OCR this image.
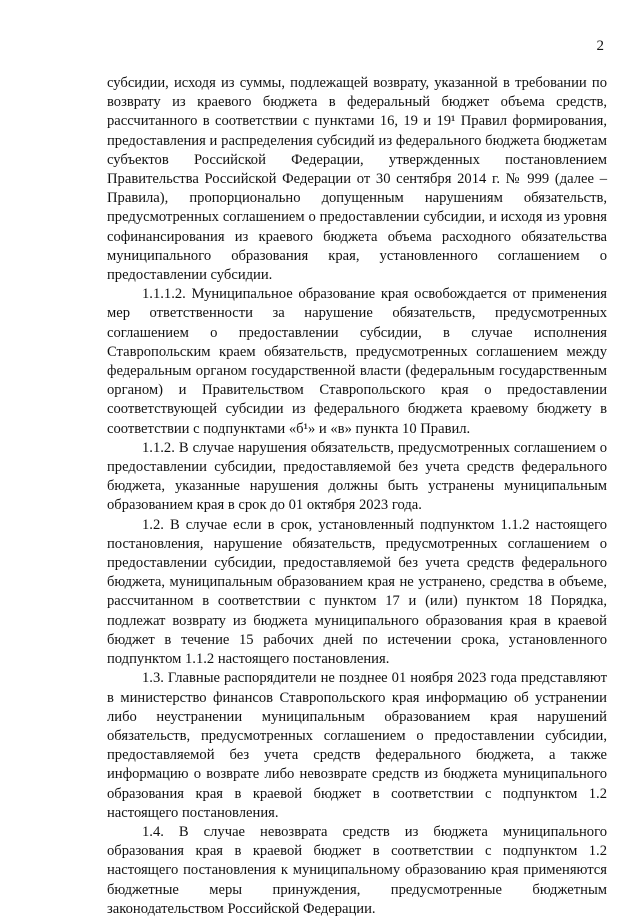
2

субсидии, исходя из суммы, подлежащей возврату, указанной в требовании по возврату из краевого бюджета в федеральный бюджет объема средств, рассчитанного в соответствии с пунктами 16, 19 и 19¹ Правил формирования, предоставления и распределения субсидий из федерального бюджета бюджетам субъектов Российской Федерации, утвержденных постановлением Правительства Российской Федерации от 30 сентября 2014 г. № 999 (далее – Правила), пропорционально допущенным нарушениям обязательств, предусмотренных соглашением о предоставлении субсидии, и исходя из уровня софинансирования из краевого бюджета объема расходного обязательства муниципального образования края, установленного соглашением о предоставлении субсидии.

1.1.1.2. Муниципальное образование края освобождается от применения мер ответственности за нарушение обязательств, предусмотренных соглашением о предоставлении субсидии, в случае исполнения Ставропольским краем обязательств, предусмотренных соглашением между федеральным органом государственной власти (федеральным государственным органом) и Правительством Ставропольского края о предоставлении соответствующей субсидии из федерального бюджета краевому бюджету в соответствии с подпунктами «б¹» и «в» пункта 10 Правил.

1.1.2. В случае нарушения обязательств, предусмотренных соглашением о предоставлении субсидии, предоставляемой без учета средств федерального бюджета, указанные нарушения должны быть устранены муниципальным образованием края в срок до 01 октября 2023 года.

1.2. В случае если в срок, установленный подпунктом 1.1.2 настоящего постановления, нарушение обязательств, предусмотренных соглашением о предоставлении субсидии, предоставляемой без учета средств федерального бюджета, муниципальным образованием края не устранено, средства в объеме, рассчитанном в соответствии с пунктом 17 и (или) пунктом 18 Порядка, подлежат возврату из бюджета муниципального образования края в краевой бюджет в течение 15 рабочих дней по истечении срока, установленного подпунктом 1.1.2 настоящего постановления.

1.3. Главные распорядители не позднее 01 ноября 2023 года представляют в министерство финансов Ставропольского края информацию об устранении либо неустранении муниципальным образованием края нарушений обязательств, предусмотренных соглашением о предоставлении субсидии, предоставляемой без учета средств федерального бюджета, а также информацию о возврате либо невозврате средств из бюджета муниципального образования края в краевой бюджет в соответствии с подпунктом 1.2 настоящего постановления.

1.4. В случае невозврата средств из бюджета муниципального образования края в краевой бюджет в соответствии с подпунктом 1.2 настоящего постановления к муниципальному образованию края применяются бюджетные меры принуждения, предусмотренные бюджетным законодательством Российской Федерации.
